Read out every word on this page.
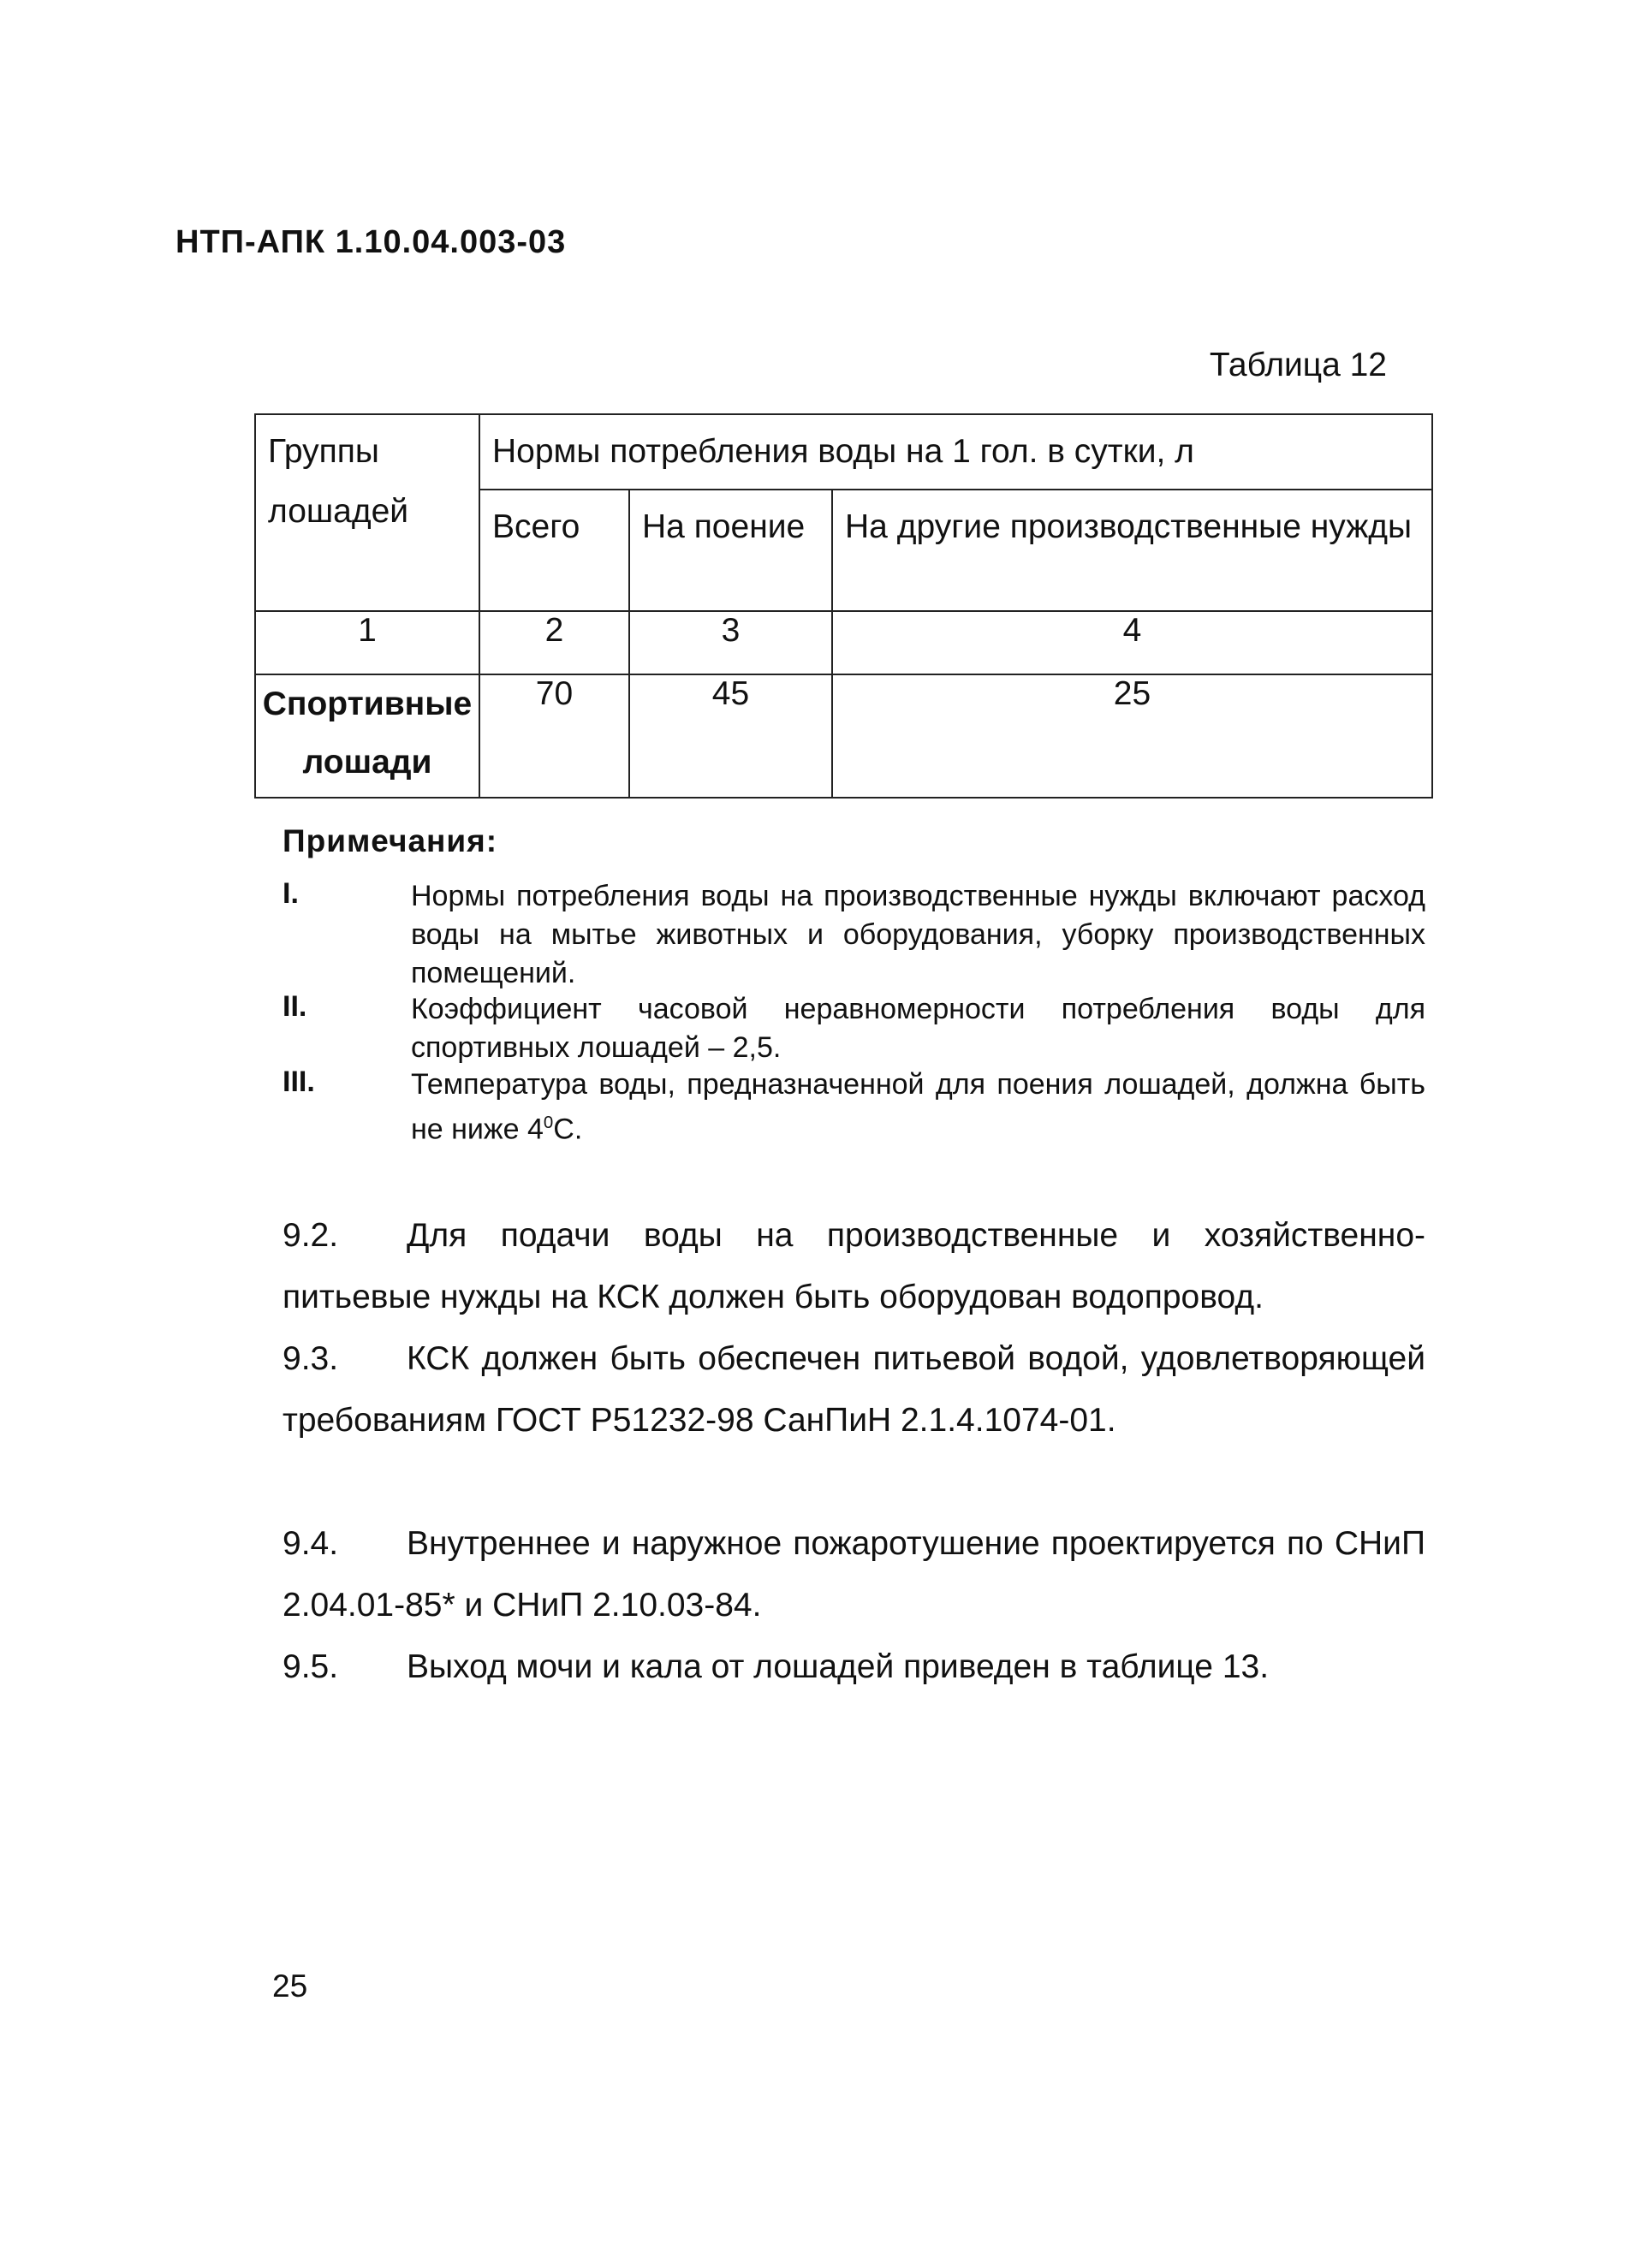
НТП-АПК 1.10.04.003-03
Таблица 12
Группы лошадей	Нормы потребления воды на 1 гол. в сутки, л		

	Всего	На поение	На другие производственные нужды

1	2	3	4
Спортивные лошади	70	45	25
Примечания:
I.	Нормы потребления воды на производственные нужды включают расход воды на мытье животных и оборудования, уборку производственных помещений.
II.	Коэффициент часовой неравномерности потребления воды для спортивных лошадей – 2,5.
III.	Температура воды, предназначенной для поения лошадей, должна быть не ниже $4^0С$.
9.2. Для подачи воды на производственные и хозяйственно-питьевые нужды на КСК должен быть оборудован водопровод.
9.3. КСК должен быть обеспечен питьевой водой, удовлетворяющей требованиям ГОСТ Р51232-98 СанПиН 2.1.4.1074-01.
9.4. Внутреннее и наружное пожаротушение проектируется по СНиП 2.04.01-85* и СНиП 2.10.03-84.
9.5. Выход мочи и кала от лошадей приведен в таблице 13.
25
